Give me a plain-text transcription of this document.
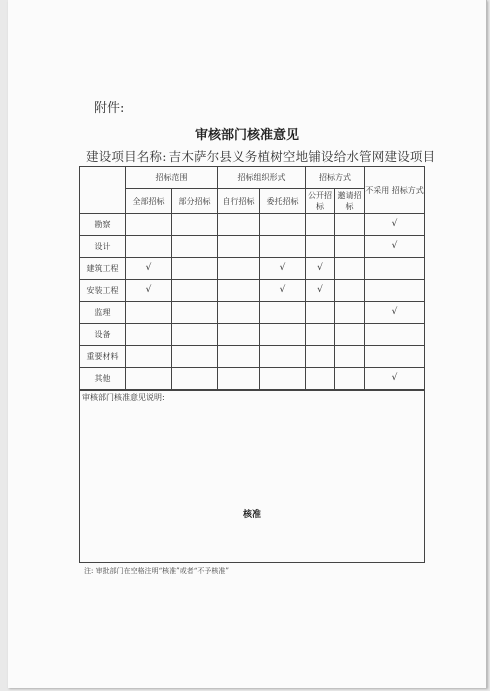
附件:
审核部门核准意见
建设项目名称: 吉木萨尔县义务植树空地铺设给水管网建设项目
	招标范围		招标组织形式		招标方式		不采用 招标方式
	全部招标	部分招标	自行招标	委托招标	公开招标	邀请招标	
勘察							√
设计							√
建筑工程	√			√	√		
安装工程	√			√	√		
监理							√
设备							
重要材料							
其他							√
审核部门核准意见说明:
核准
注: 审批部门在空格注明“核准”或者“不予核准”
